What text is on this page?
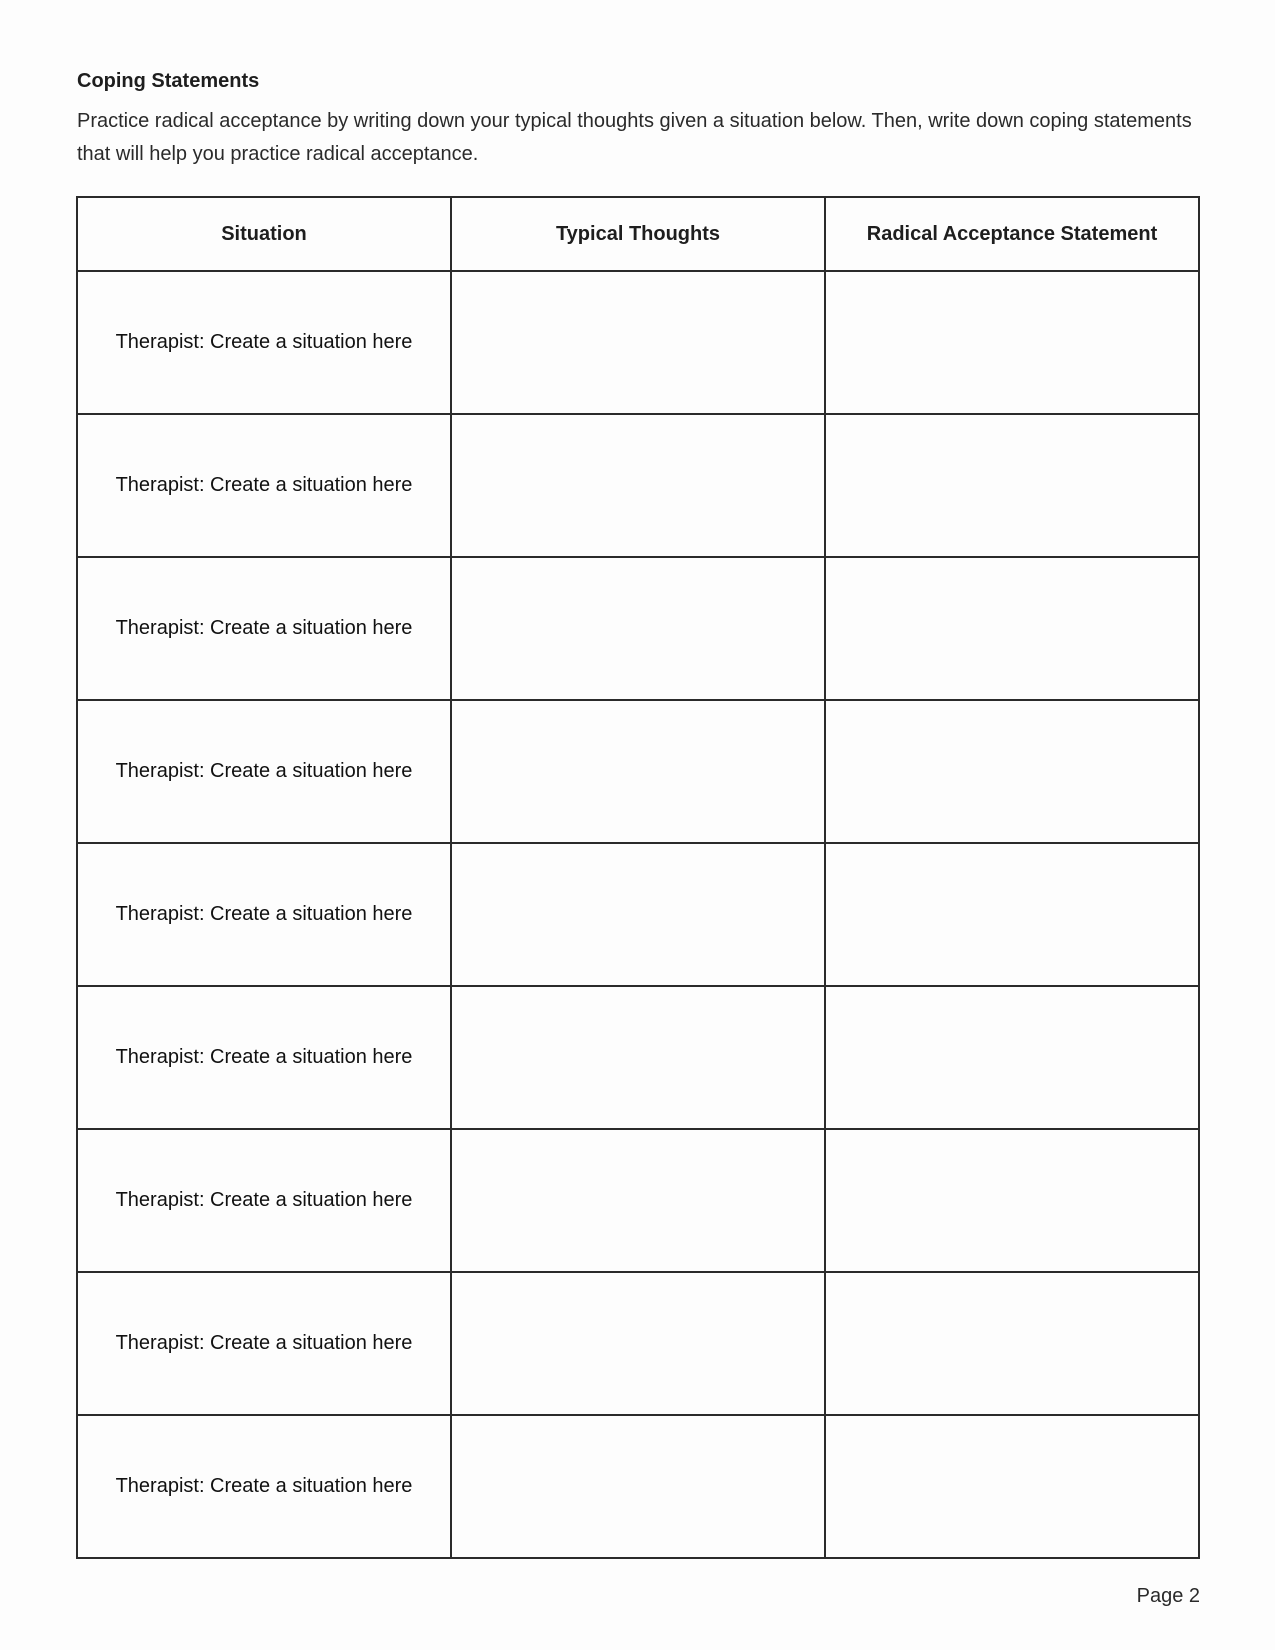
Coping Statements
Practice radical acceptance by writing down your typical thoughts given a situation below. Then, write down coping statements that will help you practice radical acceptance.
Situation	Typical Thoughts	Radical Acceptance Statement
Therapist: Create a situation here		
Therapist: Create a situation here		
Therapist: Create a situation here		
Therapist: Create a situation here		
Therapist: Create a situation here		
Therapist: Create a situation here		
Therapist: Create a situation here		
Therapist: Create a situation here		
Therapist: Create a situation here		
Page 2
